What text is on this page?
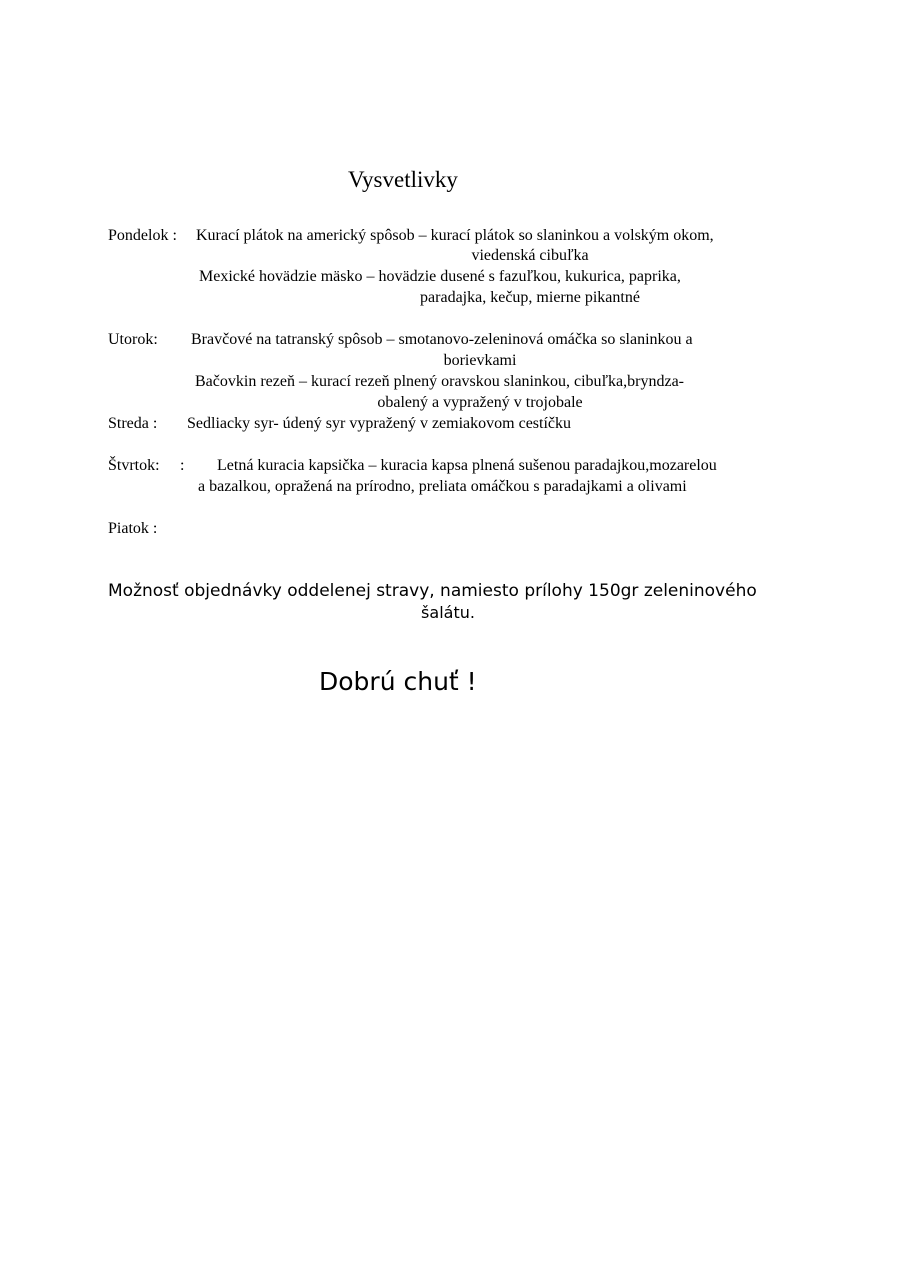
Vysvetlivky
Pondelok : Kurací plátok na americký spôsob – kurací plátok so slaninkou a volským okom,
viedenská cibuľka
Mexické hovädzie mäsko – hovädzie dusené s fazuľkou, kukurica, paprika,
paradajka, kečup, mierne pikantné
Utorok: Bravčové na tatranský spôsob – smotanovo-zeleninová omáčka so slaninkou a
borievkami
Bačovkin rezeň – kurací rezeň plnený oravskou slaninkou, cibuľka,bryndza-
obalený a vypražený v trojobale
Streda : Sedliacky syr- údený syr vypražený v zemiakovom cestíčku
Štvrtok: : Letná kuracia kapsička – kuracia kapsa plnená sušenou paradajkou,mozarelou
a bazalkou, opražená na prírodno, preliata omáčkou s paradajkami a olivami
Piatok :
Možnosť objednávky oddelenej stravy, namiesto prílohy 150gr zeleninového
šalátu.
Dobrú chuť !
